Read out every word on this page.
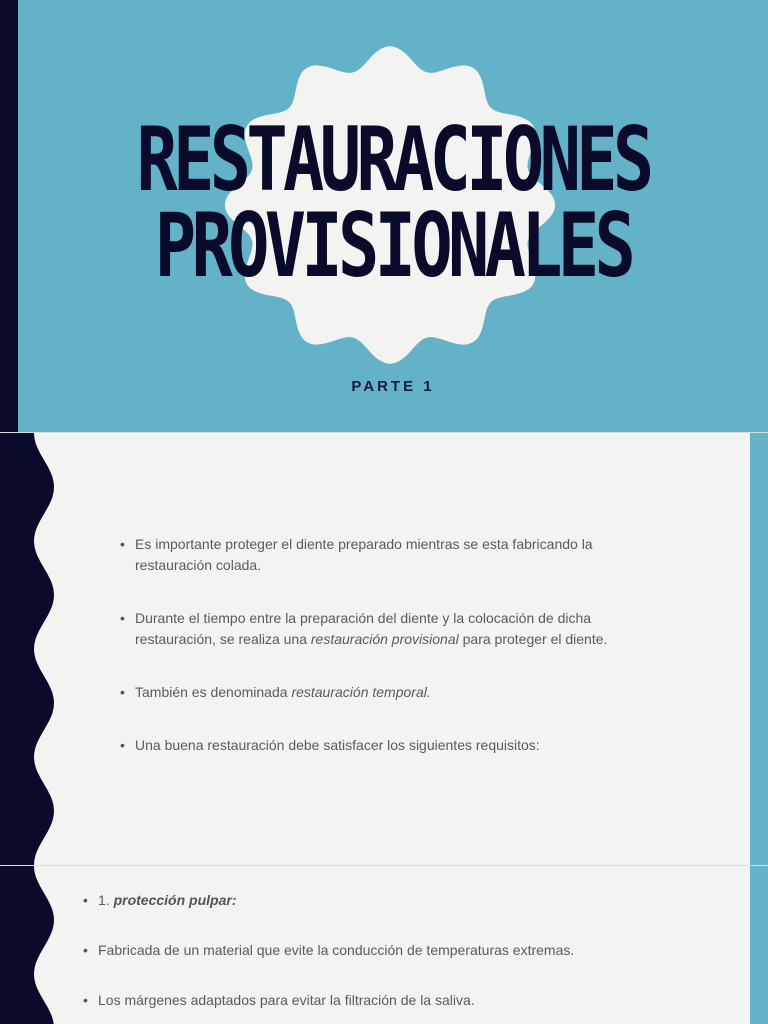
RESTAURACIONES
PROVISIONALES
PARTE 1
• Es importante proteger el diente preparado mientras se esta fabricando la restauración colada.
• Durante el tiempo entre la preparación del diente y la colocación de dicha restauración, se realiza una restauración provisional para proteger el diente.
• También es denominada restauración temporal.
• Una buena restauración debe satisfacer los siguientes requisitos:
• 1. protección pulpar:
• Fabricada de un material que evite la conducción de temperaturas extremas.
• Los márgenes adaptados para evitar la filtración de la saliva.
